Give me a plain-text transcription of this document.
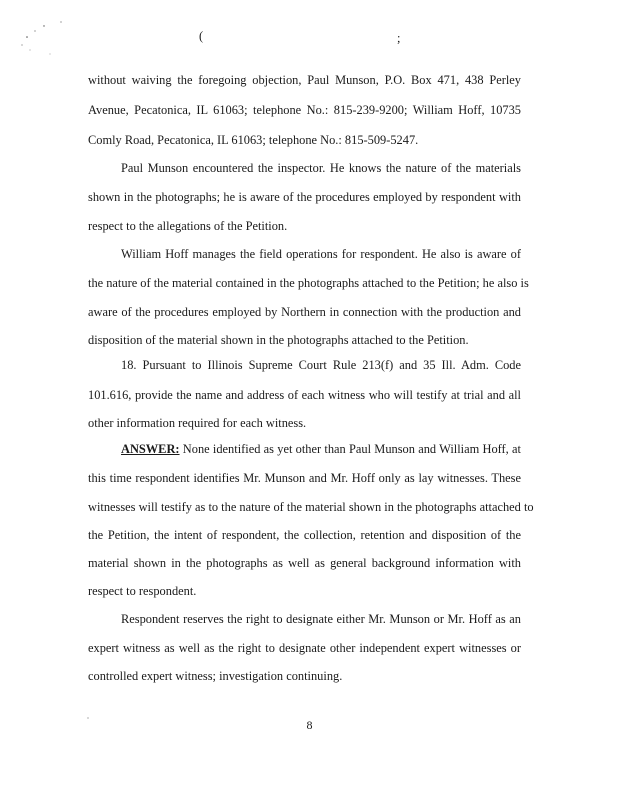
(	;
without waiving the foregoing objection, Paul Munson, P.O. Box 471, 438 Perley
Avenue, Pecatonica, IL 61063; telephone No.: 815-239-9200; William Hoff, 10735
Comly Road, Pecatonica, IL 61063; telephone No.: 815-509-5247.
Paul Munson encountered the inspector. He knows the nature of the materials
shown in the photographs; he is aware of the procedures employed by respondent with
respect to the allegations of the Petition.
William Hoff manages the field operations for respondent. He also is aware of
the nature of the material contained in the photographs attached to the Petition; he also is
aware of the procedures employed by Northern in connection with the production and
disposition of the material shown in the photographs attached to the Petition.
18. Pursuant to Illinois Supreme Court Rule 213(f) and 35 Ill. Adm. Code
101.616, provide the name and address of each witness who will testify at trial and all
other information required for each witness.
ANSWER: None identified as yet other than Paul Munson and William Hoff, at
this time respondent identifies Mr. Munson and Mr. Hoff only as lay witnesses. These
witnesses will testify as to the nature of the material shown in the photographs attached to
the Petition, the intent of respondent, the collection, retention and disposition of the
material shown in the photographs as well as general background information with
respect to respondent.
Respondent reserves the right to designate either Mr. Munson or Mr. Hoff as an
expert witness as well as the right to designate other independent expert witnesses or
controlled expert witness; investigation continuing.
8
